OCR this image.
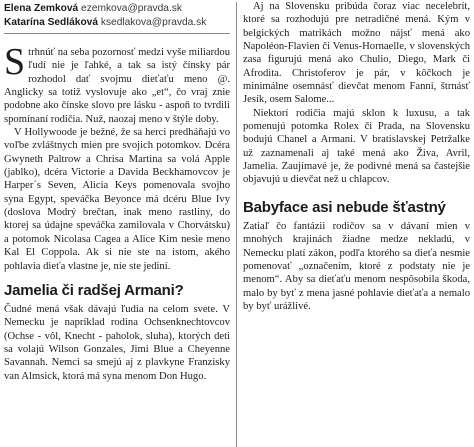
Elena Zemková ezemkova@pravda.sk
Katarína Sedláková ksedlakova@pravda.sk

Strhnúť na seba pozornosť medzi vyše miliardou ľudí nie je ľahké, a tak sa istý čínsky pár rozhodol dať svojmu dieťaťu meno @. Anglicky sa totiž vyslovuje ako „et“, čo vraj znie podobne ako čínske slovo pre lásku - aspoň to tvrdili spomínaní rodičia. Nuž, naozaj meno v štýle doby.

V Hollywoode je bežné, že sa herci predháňajú vo voľbe zvláštnych mien pre svojich potomkov. Dcéra Gwyneth Paltrow a Chrisa Martina sa volá Apple (jablko), dcéra Victorie a Davida Beckhamovcov je Harper´s Seven, Alicia Keys pomenovala svojho syna Egypt, speváčka Beyonce má dcéru Blue Ivy (doslova Modrý brečtan, inak meno rastliny, do ktorej sa údajne speváčka zamilovala v Chorvátsku) a potomok Nicolasa Cagea a Alice Kim nesie meno Kal El Coppola. Ak si nie ste na istom, akého pohlavia dieťa vlastne je, nie ste jediní.

Jamelia či radšej Armani?

Čudné mená však dávajú ľudia na celom svete. V Nemecku je napríklad rodina Ochsenknechtovcov (Ochse - vôl, Knecht - paholok, sluha), ktorých deti sa volajú Wilson Gonzales, Jimi Blue a Cheyenne Savannah. Nemci sa smejú aj z plavkyne Franzisky van Almsick, ktorá má syna menom Don Hugo.

Aj na Slovensku pribúda čoraz viac necelebrít, ktoré sa rozhodujú pre netradičné mená. Kým v belgických matrikách možno nájsť mená ako Napoléon-Flavien či Venus-Hornaelle, v slovenských zasa figurujú mená ako Chulio, Diego, Mark či Afrodita. Christoferov je pár, v kôčkoch je minimálne osemnásť dievčat menom Fanni, štrnásť Jesík, osem Salome...

Niektorí rodičia majú sklon k luxusu, a tak pomenujú potomka Rolex či Prada, na Slovensku bodujú Chanel a Armani. V bratislavskej Petržalke už zaznamenali aj také mená ako Živa, Avril, Jamelia. Zaujímavé je, že podivné mená sa častejšie objavujú u dievčat než u chlapcov.

Babyface asi nebude šťastný

Zatiaľ čo fantázii rodičov sa v dávaní mien v mnohých krajinách žiadne medze nekladú, v Nemecku platí zákon, podľa ktorého sa dieťa nesmie pomenovať „označením, ktoré z podstaty nie je menom“. Aby sa dieťaťu menom nespôsobila škoda, malo by byť z mena jasné pohlavie dieťaťa a nemalo by byť urážlivé.
